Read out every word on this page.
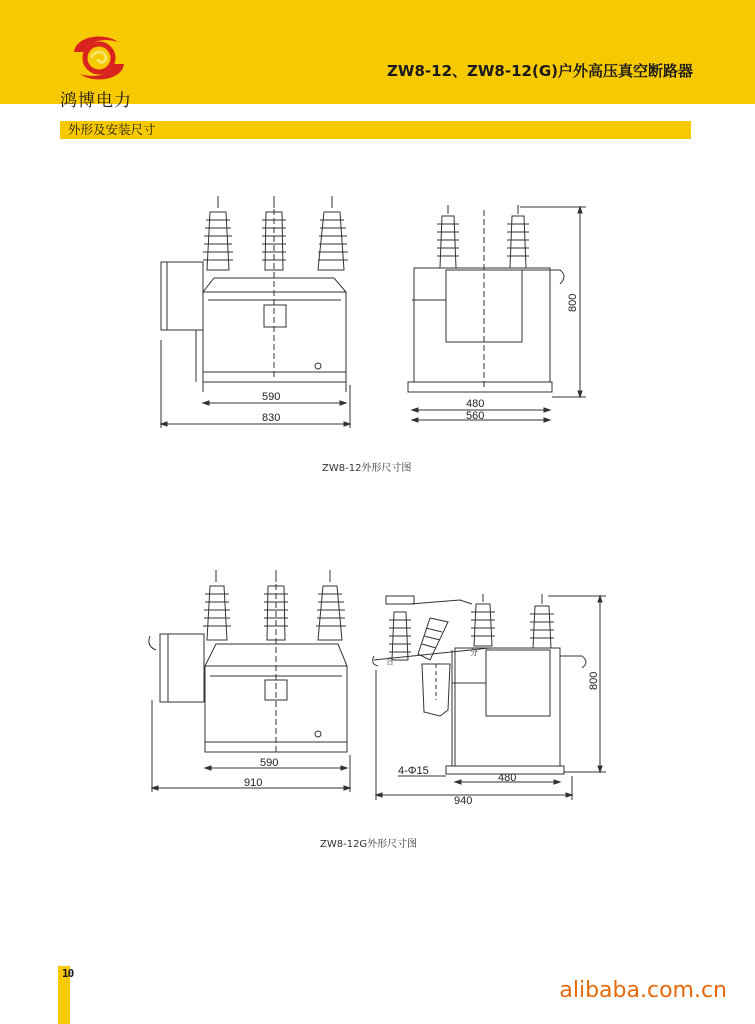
鸿博电力
ZW8-12、ZW8-12(G)户外高压真空断路器
外形及安装尺寸
590
830
480
560
800
590
910	480
940
800
4-Φ15
合
分
ZW8-12外形尺寸图
ZW8-12G外形尺寸图
10
alibaba.com.cn
